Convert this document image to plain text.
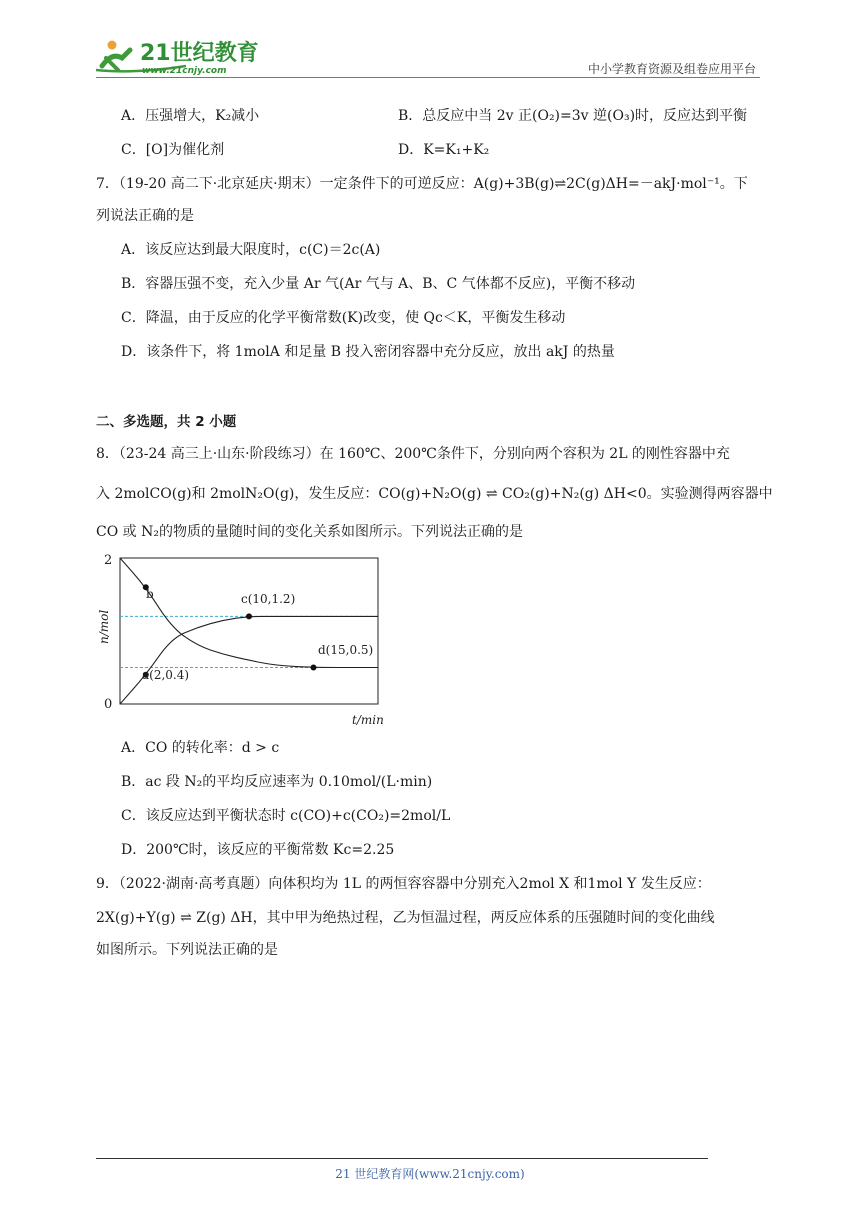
21世纪教育
www.21cnjy.com	中小学教育资源及组卷应用平台
A．压强增大，K₂减小	B．总反应中当 2v 正(O₂)=3v 逆(O₃)时，反应达到平衡
C．[O]为催化剂	D．K=K₁+K₂
7．（19-20 高二下·北京延庆·期末）一定条件下的可逆反应：A(g)+3B(g)⇌2C(g)ΔH=－akJ·mol⁻¹。下
列说法正确的是
A．该反应达到最大限度时，c(C)＝2c(A)
B．容器压强不变，充入少量 Ar 气(Ar 气与 A、B、C 气体都不反应)，平衡不移动
C．降温，由于反应的化学平衡常数(K)改变，使 Qc＜K，平衡发生移动
D．该条件下，将 1molA 和足量 B 投入密闭容器中充分反应，放出 akJ 的热量
二、多选题，共 2 小题
8．（23-24 高三上·山东·阶段练习）在 160℃、200℃条件下，分别向两个容积为 2L 的刚性容器中充
入 2molCO(g)和 2molN₂O(g)，发生反应：CO(g)+N₂O(g) ⇌ CO₂(g)+N₂(g) ΔH<0。实验测得两容器中
CO 或 N₂的物质的量随时间的变化关系如图所示。下列说法正确的是
2
0
n/mol
t/min
b
a(2,0.4)
c(10,1.2)
d(15,0.5)
A．CO 的转化率：d > c
B．ac 段 N₂的平均反应速率为 0.10mol/(L·min)
C．该反应达到平衡状态时 c(CO)+c(CO₂)=2mol/L
D．200℃时，该反应的平衡常数 Kc=2.25
9．（2022·湖南·高考真题）向体积均为 1L 的两恒容容器中分别充入2mol X 和1mol Y 发生反应：
2X(g)+Y(g) ⇌ Z(g) ΔH，其中甲为绝热过程，乙为恒温过程，两反应体系的压强随时间的变化曲线
如图所示。下列说法正确的是
21 世纪教育网(www.21cnjy.com)
